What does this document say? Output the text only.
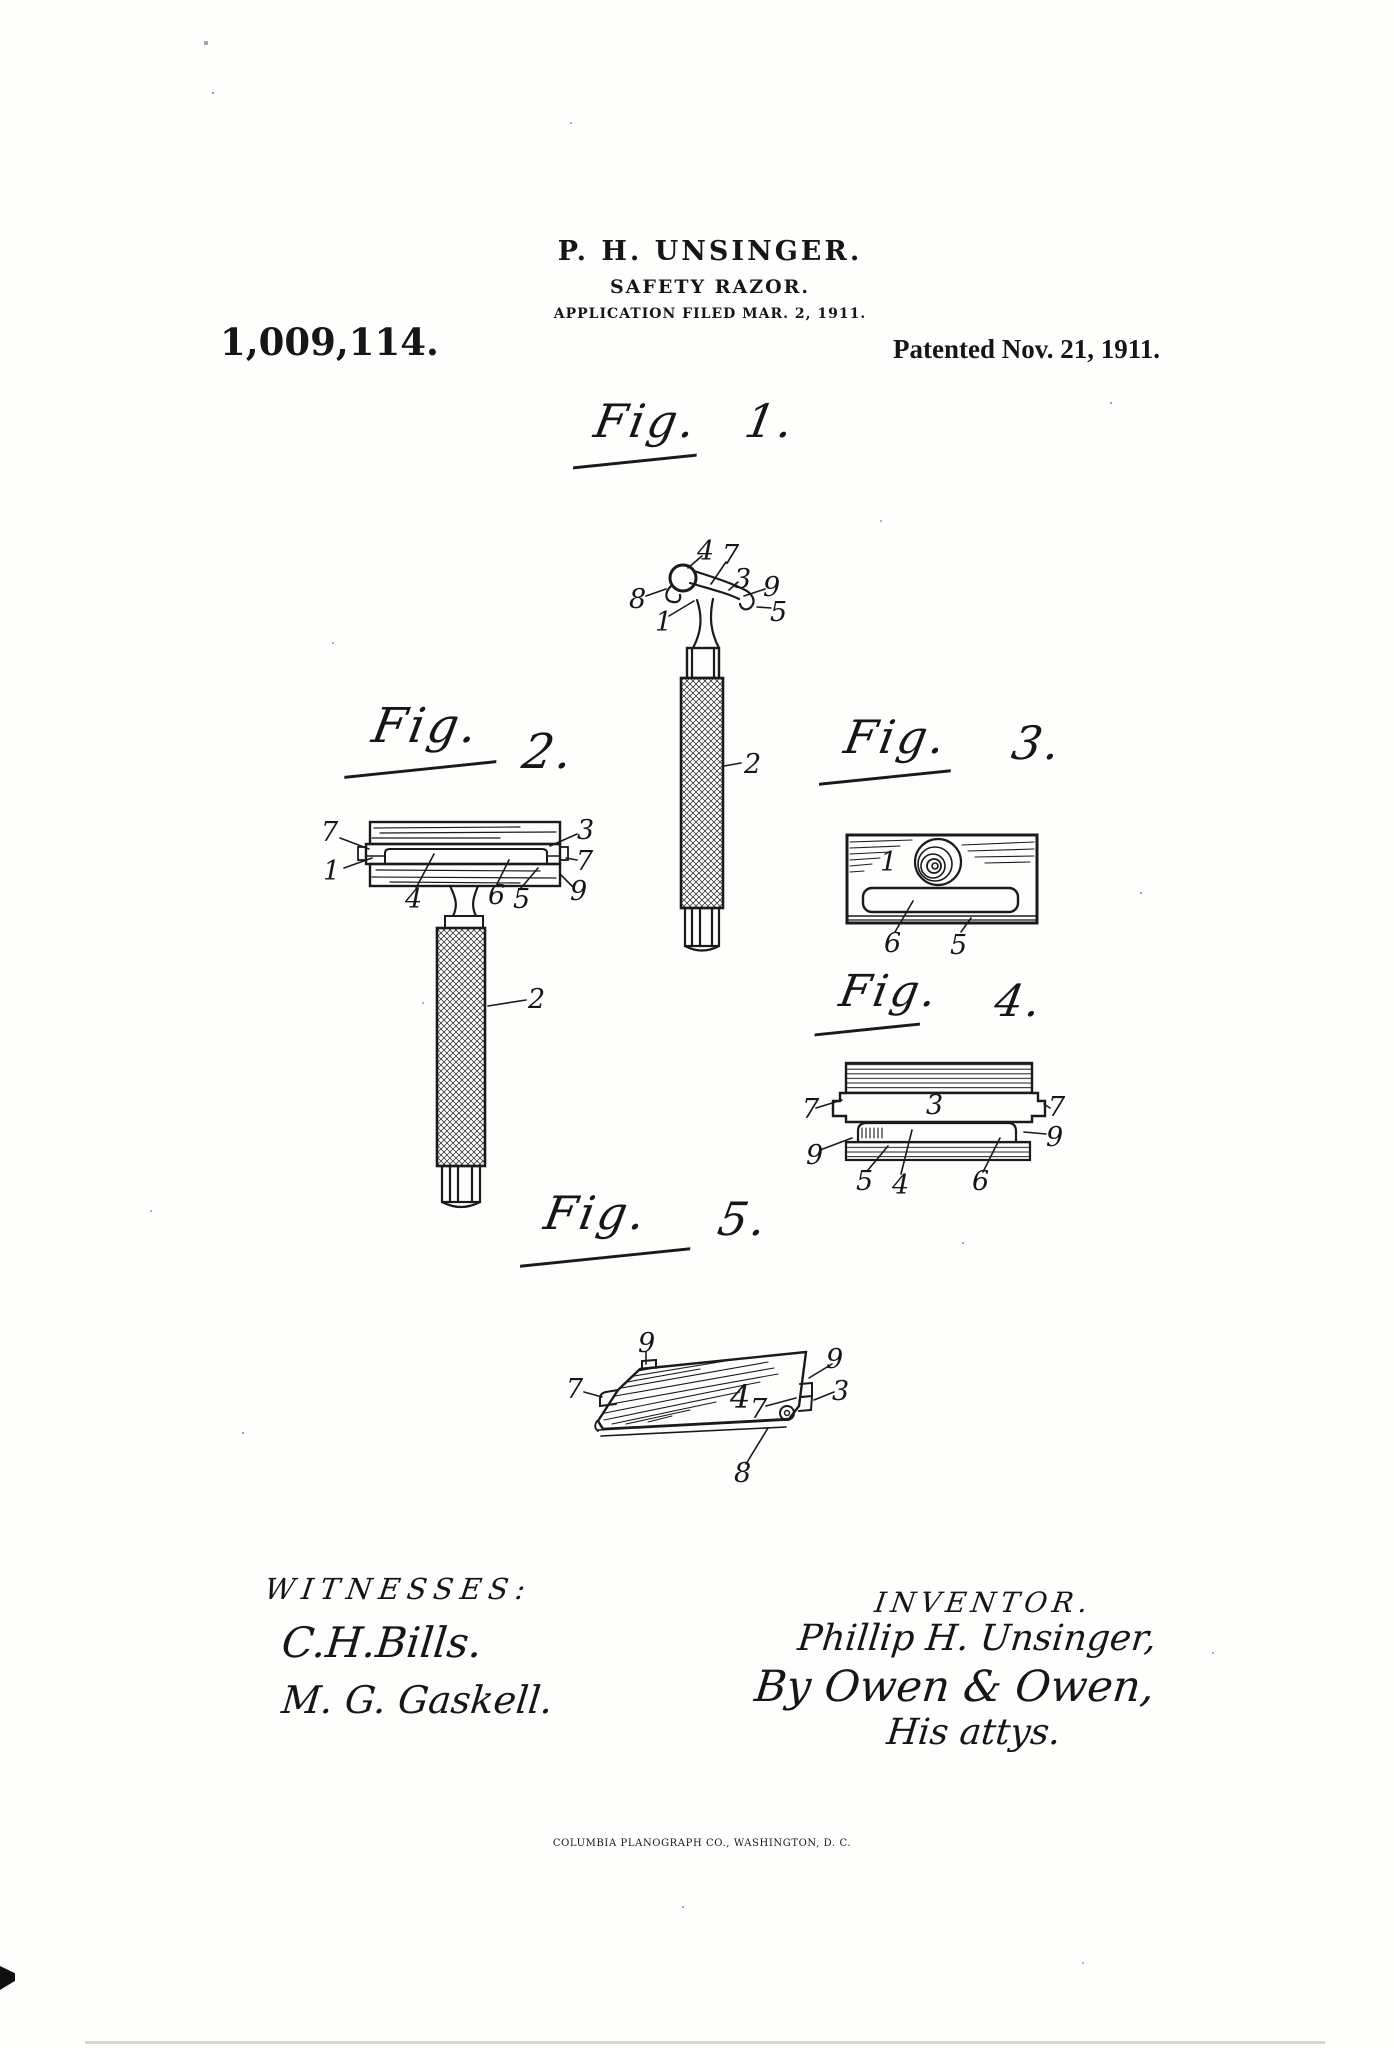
P. H. UNSINGER.
SAFETY RAZOR.
APPLICATION FILED MAR. 2, 1911.
1,009,114.	Patented Nov. 21, 1911.
Fig. 1.
Fig. 2.	Fig. 3.
Fig. 4.
Fig. 5.
4 7
3 9
5
8
1
2
7
1
3
7
9
4 6 5
2
1
6 5
3
7	7
9
9
5 4 6
9
7	4 7
9
3
8
WITNESSES:
C.H.Bills.
M. G. Gaskell.
INVENTOR.
Phillip H. Unsinger,
By Owen & Owen,
His attys.
COLUMBIA PLANOGRAPH CO., WASHINGTON, D. C.
